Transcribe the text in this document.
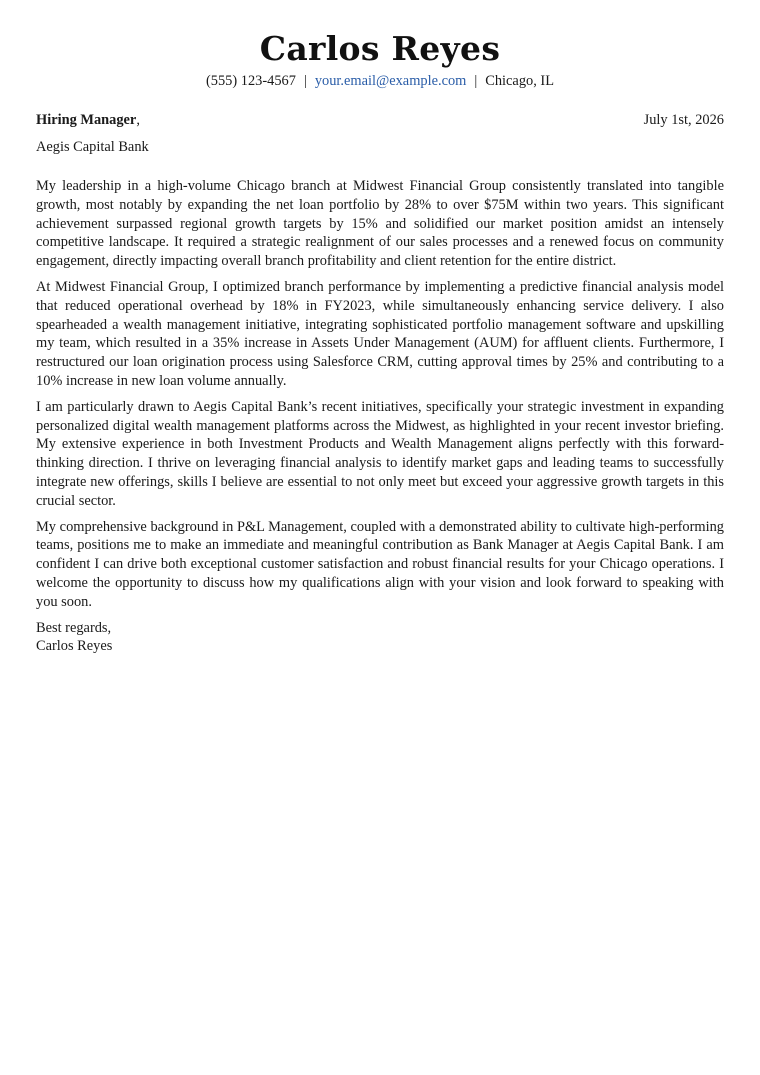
Carlos Reyes
(555) 123-4567 | your.email@example.com | Chicago, IL
Hiring Manager,	July 1st, 2026
Aegis Capital Bank

My leadership in a high-volume Chicago branch at Midwest Financial Group consistently translated into tangible growth, most notably by expanding the net loan portfolio by 28% to over $75M within two years. This significant achievement surpassed regional growth targets by 15% and solidified our market position amidst an intensely competitive landscape. It required a strategic realignment of our sales processes and a renewed focus on community engagement, directly impacting overall branch profitability and client retention for the entire district.

At Midwest Financial Group, I optimized branch performance by implementing a predictive financial analysis model that reduced operational overhead by 18% in FY2023, while simultaneously enhancing service delivery. I also spearheaded a wealth management initiative, integrating sophisticated portfolio management software and upskilling my team, which resulted in a 35% increase in Assets Under Management (AUM) for affluent clients. Furthermore, I restructured our loan origination process using Salesforce CRM, cutting approval times by 25% and contributing to a 10% increase in new loan volume annually.

I am particularly drawn to Aegis Capital Bank’s recent initiatives, specifically your strategic investment in expanding personalized digital wealth management platforms across the Midwest, as highlighted in your recent investor briefing. My extensive experience in both Investment Products and Wealth Management aligns perfectly with this forward-thinking direction. I thrive on leveraging financial analysis to identify market gaps and leading teams to successfully integrate new offerings, skills I believe are essential to not only meet but exceed your aggressive growth targets in this crucial sector.

My comprehensive background in P&L Management, coupled with a demonstrated ability to cultivate high-performing teams, positions me to make an immediate and meaningful contribution as Bank Manager at Aegis Capital Bank. I am confident I can drive both exceptional customer satisfaction and robust financial results for your Chicago operations. I welcome the opportunity to discuss how my qualifications align with your vision and look forward to speaking with you soon.

Best regards,
Carlos Reyes
